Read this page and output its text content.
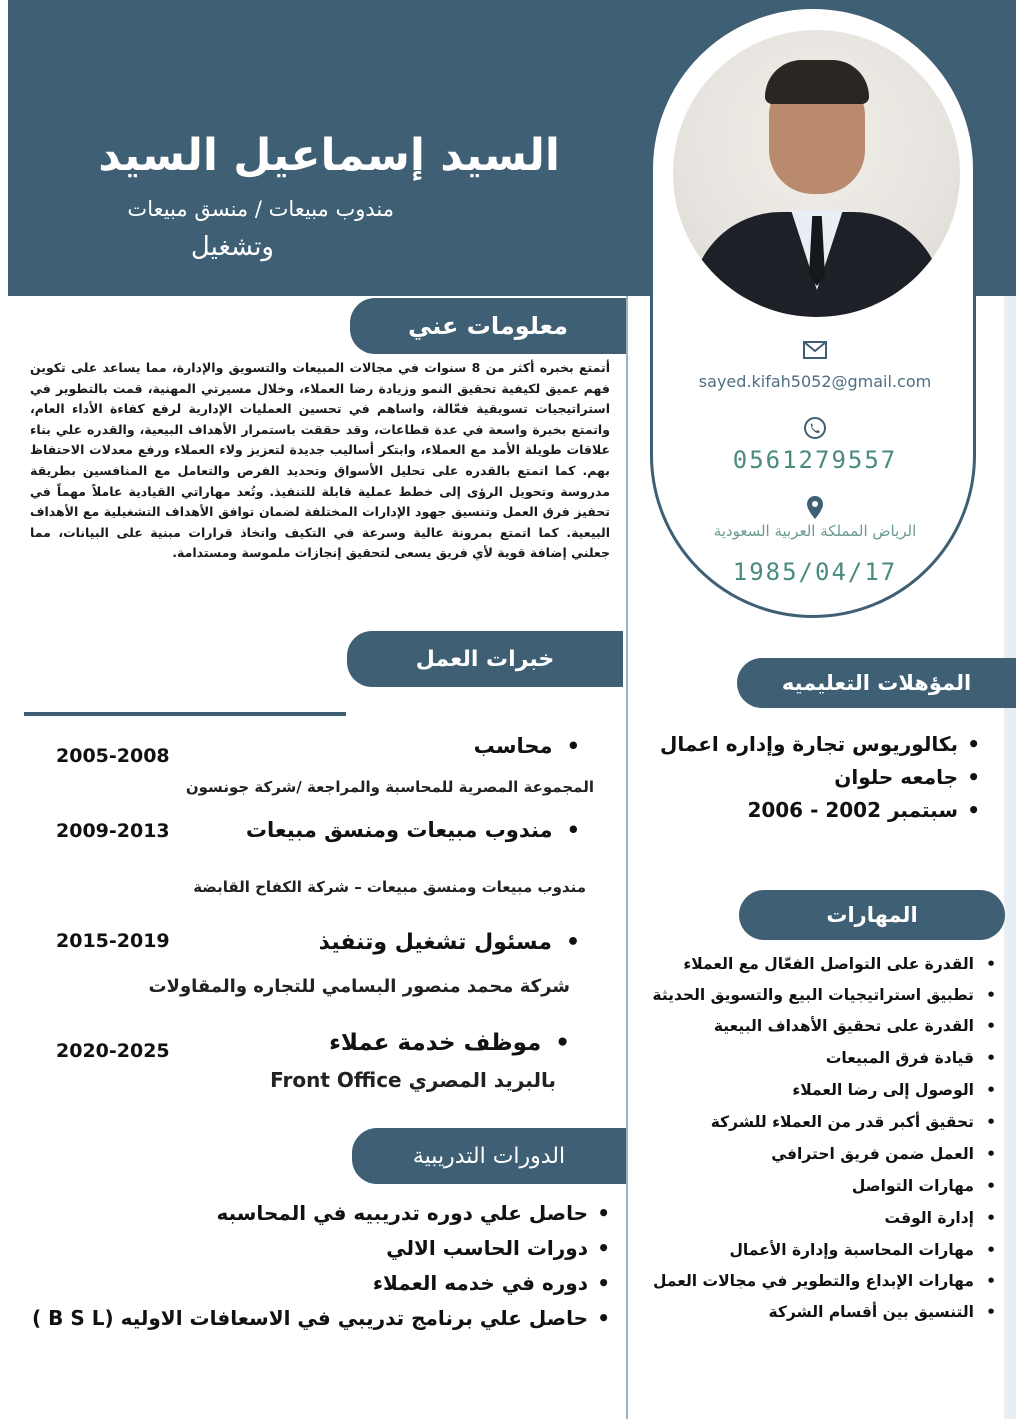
السيد إسماعيل السيد
مندوب مبيعات / منسق مبيعات
وتشغيل
sayed.kifah5052@gmail.com
0561279557
الرياض المملكة العربية السعودية
1985/04/17
معلومات عني
أتمتع بخبره أكثر من 8 سنوات في مجالات المبيعات والتسويق والإدارة، مما يساعد على تكوين فهم عميق لكيفية تحقيق النمو وزيادة رضا العملاء، وخلال مسيرتي المهنية، قمت بالتطوير في استراتيجيات تسويقية فعّالة، واساهم في تحسين العمليات الإدارية لرفع كفاءة الأداء العام، واتمتع بخبرة واسعة في عدة قطاعات، وقد حققت باستمرار الأهداف البيعية، والقدره علي بناء علاقات طويلة الأمد مع العملاء، وابتكر أساليب جديدة لتعزيز ولاء العملاء ورفع معدلات الاحتفاظ بهم. كما اتمتع بالقدره على تحليل الأسواق وتحديد الفرص والتعامل مع المنافسين بطريقة مدروسة وتحويل الرؤى إلى خطط عملية قابلة للتنفيذ. وتُعد مهاراتي القيادية عاملاً مهماً في تحفيز فرق العمل وتنسيق جهود الإدارات المختلفة لضمان توافق الأهداف التشغيلية مع الأهداف البيعية. كما اتمتع بمرونة عالية وسرعة في التكيف واتخاذ قرارات مبنية على البيانات، مما جعلني إضافة قوية لأي فريق يسعى لتحقيق إنجازات ملموسة ومستدامة.
خبرات العمل
•محاسب
2005-2008
المجموعة المصرية للمحاسبة والمراجعة /شركة جونسون
•مندوب مبيعات ومنسق مبيعات
2009-2013
مندوب مبيعات ومنسق مبيعات – شركة الكفاح القابضة
•مسئول تشغيل وتنفيذ
2015-2019
شركة محمد منصور البسامي للتجاره والمقاولات
•موظف خدمة عملاء
2020-2025
بالبريد المصري Front Office
الدورات التدريبية
• حاصل علي دوره تدريبيه في المحاسبه
• دورات الحاسب الالي
• دوره في خدمه العملاء
• حاصل علي برنامج تدريبي في الاسعافات الاوليه (B S L )
المؤهلات التعليميه
• بكالوريوس تجارة وإداره اعمال
• جامعه حلوان
• سبتمبر 2002 - 2006
المهارات
• القدرة على التواصل الفعّال مع العملاء
• تطبيق استراتيجيات البيع والتسويق الحديثة
• القدرة على تحقيق الأهداف البيعية
• قيادة فرق المبيعات
• الوصول إلى رضا العملاء
• تحقيق أكبر قدر من العملاء للشركة
• العمل ضمن فريق احترافي
• مهارات التواصل
• إدارة الوقت
• مهارات المحاسبة وإدارة الأعمال
• مهارات الإبداع والتطوير في مجالات العمل
• التنسيق بين أقسام الشركة
